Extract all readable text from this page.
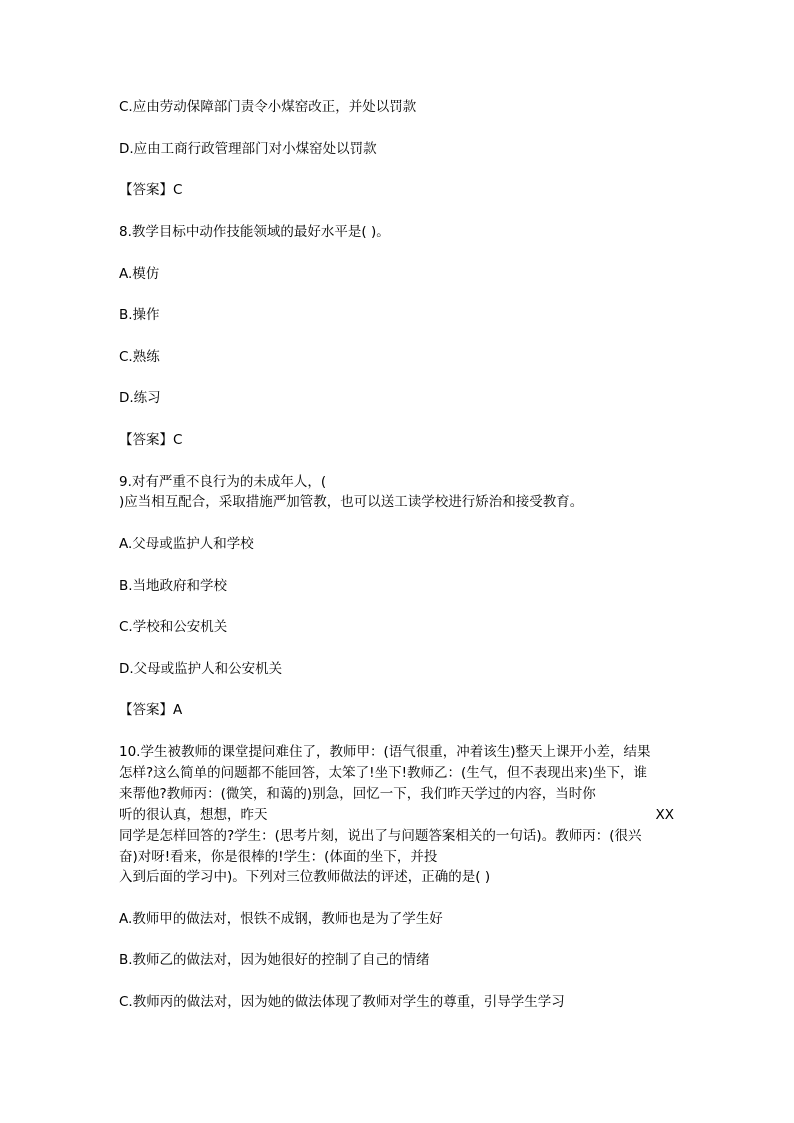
C.应由劳动保障部门责令小煤窑改正，并处以罚款
D.应由工商行政管理部门对小煤窑处以罚款
【答案】C
8.教学目标中动作技能领域的最好水平是( )。
A.模仿
B.操作
C.熟练
D.练习
【答案】C
9.对有严重不良行为的未成年人，(
)应当相互配合，采取措施严加管教，也可以送工读学校进行矫治和接受教育。
A.父母或监护人和学校
B.当地政府和学校
C.学校和公安机关
D.父母或监护人和公安机关
【答案】A
10.学生被教师的课堂提问难住了，教师甲：(语气很重，冲着该生)整天上课开小差，结果
怎样?这么简单的问题都不能回答，太笨了!坐下!教师乙：(生气，但不表现出来)坐下，谁
来帮他?教师丙：(微笑，和蔼的)别急，回忆一下，我们昨天学过的内容，当时你
听的很认真，想想，昨天	XX
同学是怎样回答的?学生：(思考片刻，说出了与问题答案相关的一句话)。教师丙：(很兴
奋)对呀!看来，你是很棒的!学生：(体面的坐下，并投
入到后面的学习中)。下列对三位教师做法的评述，正确的是( )
A.教师甲的做法对，恨铁不成钢，教师也是为了学生好
B.教师乙的做法对，因为她很好的控制了自己的情绪
C.教师丙的做法对，因为她的做法体现了教师对学生的尊重，引导学生学习
